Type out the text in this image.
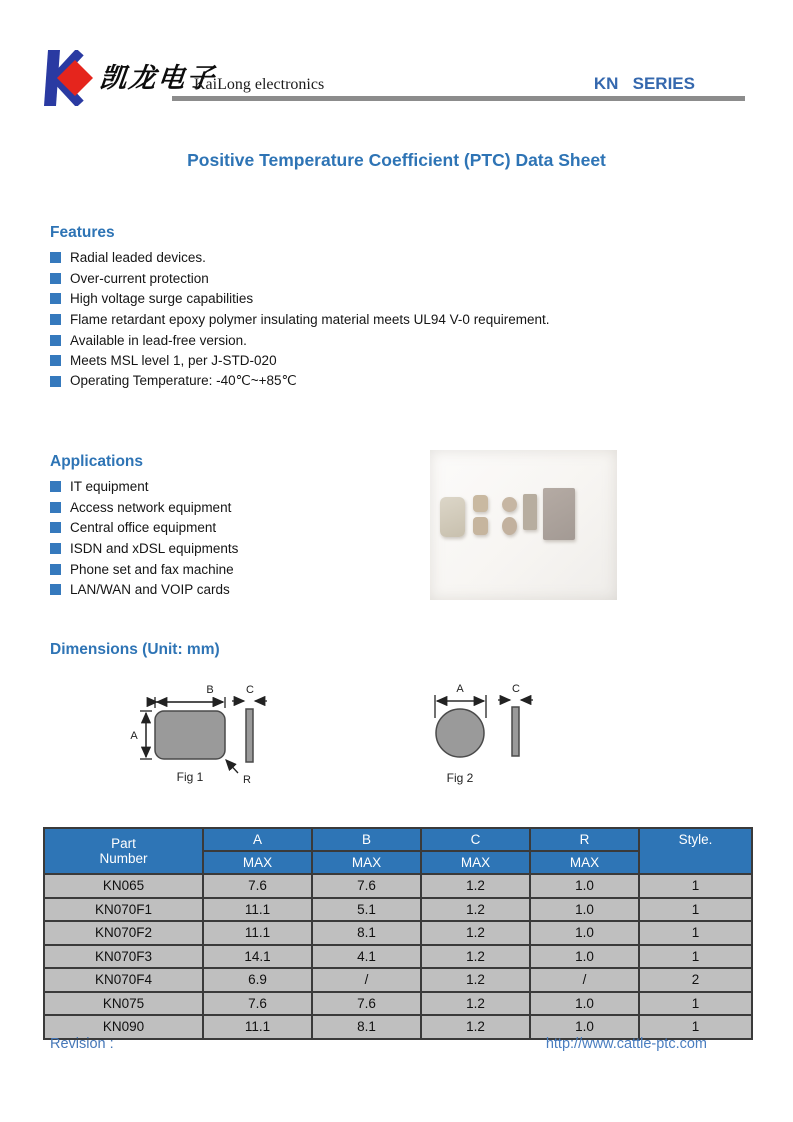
凯龙电子
KaiLong electronics	KN   SERIES
Positive Temperature Coefficient (PTC) Data Sheet
Features
Radial leaded devices.
Over-current protection
High voltage surge capabilities
Flame retardant epoxy polymer insulating material meets UL94 V-0 requirement.
Available in lead-free version.
Meets MSL level 1, per J-STD-020
Operating Temperature: -40℃~+85℃
Applications
IT equipment
Access network equipment
Central office equipment
ISDN and xDSL equipments
Phone set and fax machine
LAN/WAN and VOIP cards
Dimensions (Unit: mm)
B
A
C
R
Fig 1
A	C
Fig 2
Part
Number	A	B	C	R	Style.

	MAX	MAX	MAX	MAX	
KN065	7.6	7.6	1.2	1.0	1
KN070F1	11.1	5.1	1.2	1.0	1
KN070F2	11.1	8.1	1.2	1.0	1
KN070F3	14.1	4.1	1.2	1.0	1
KN070F4	6.9	/	1.2	/	2
KN075	7.6	7.6	1.2	1.0	1
KN090	11.1	8.1	1.2	1.0	1
Revision :	http://www.cattle-ptc.com
